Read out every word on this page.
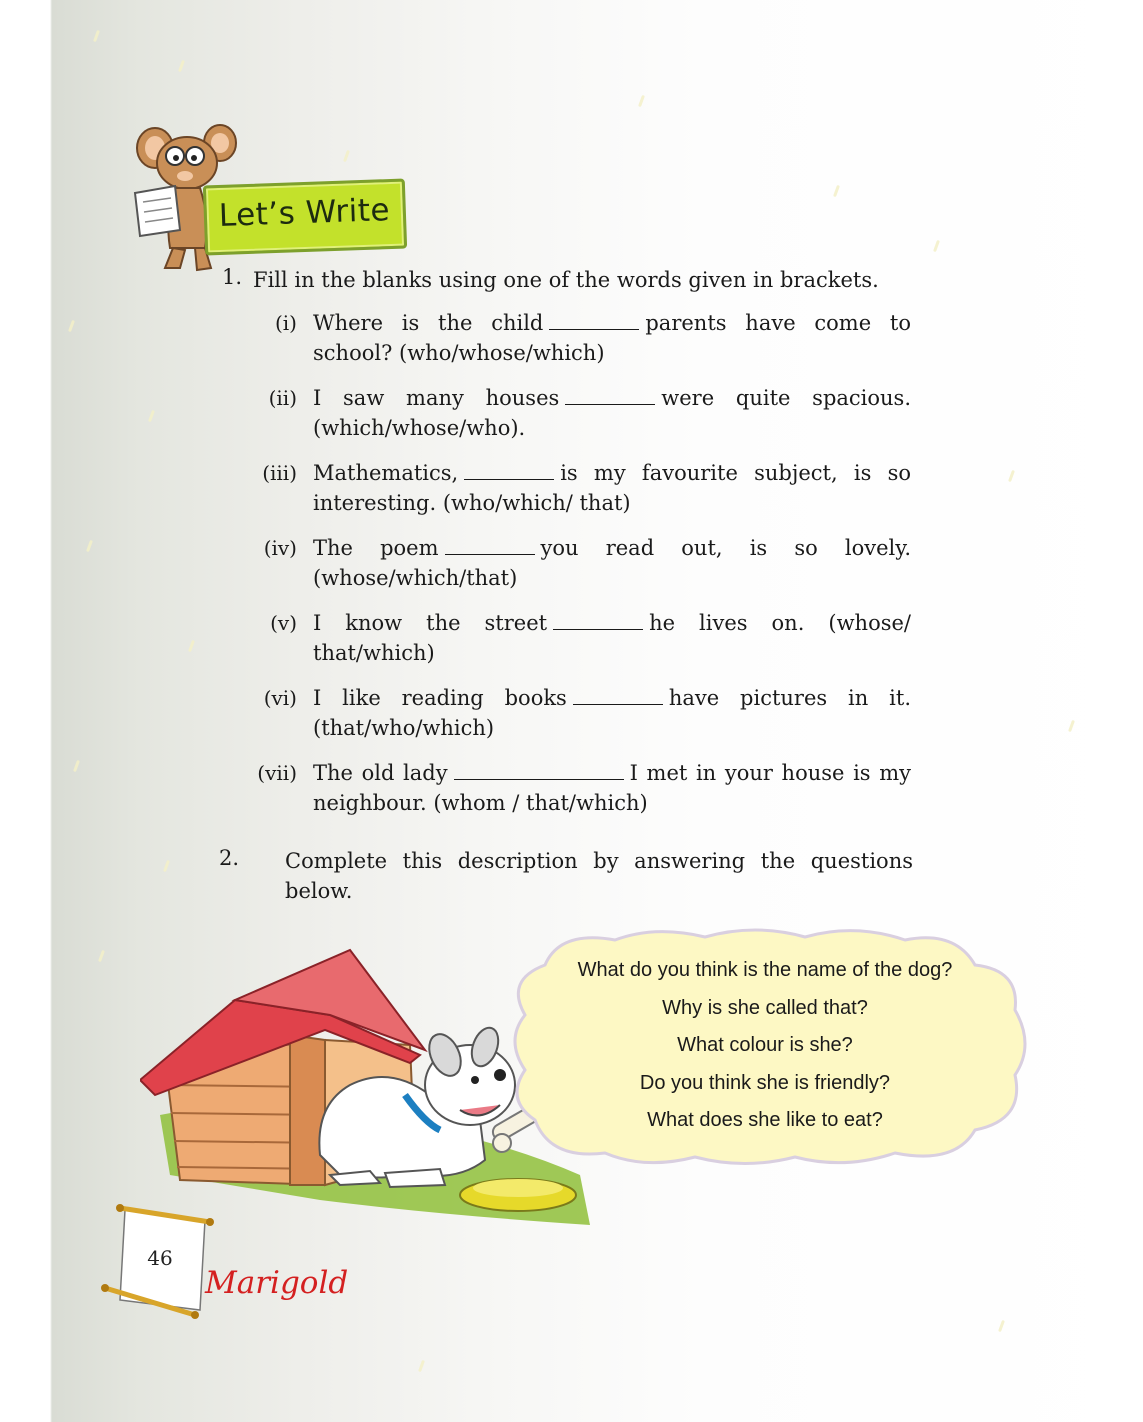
Let’s Write
1. Fill in the blanks using one of the words given in brackets.
(i) Where is the child	parents have come to school? (who/whose/which)
(ii) I saw many houses	were quite spacious. (which/whose/who).
(iii) Mathematics,	is my favourite subject, is so interesting. (who/which/ that)
(iv) The poem	you read out, is so lovely. (whose/which/that)
(v) I know the street	he lives on. (whose/ that/which)
(vi) I like reading books	have pictures in it. (that/who/which)
(vii) The old lady	I met in your house is my neighbour. (whom / that/which)
2. Complete this description by answering the questions below.
What do you think is the name of the dog?
Why is she called that?
What colour is she?
Do you think she is friendly?
What does she like to eat?
46
Marigold
